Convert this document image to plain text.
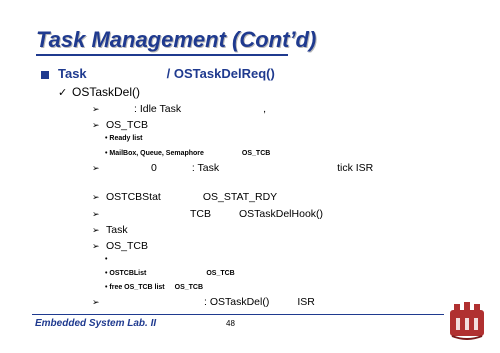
Task Management (Cont’d)
Task	/ OSTaskDelReq()
✓ OSTaskDel()
➢	: Idle Task	,
➢ OS_TCB
• Ready list
• MailBox, Queue, Semaphore	OS_TCB
➢	0	: Task	tick ISR
➢ OSTCBStat	OS_STAT_RDY
➢	TCB	OSTaskDelHook()
➢ Task
➢ OS_TCB
•
• OSTCBList	OS_TCB
• free OS_TCB list OS_TCB
➢	: OSTaskDel()	ISR
Embedded System Lab. II	48
